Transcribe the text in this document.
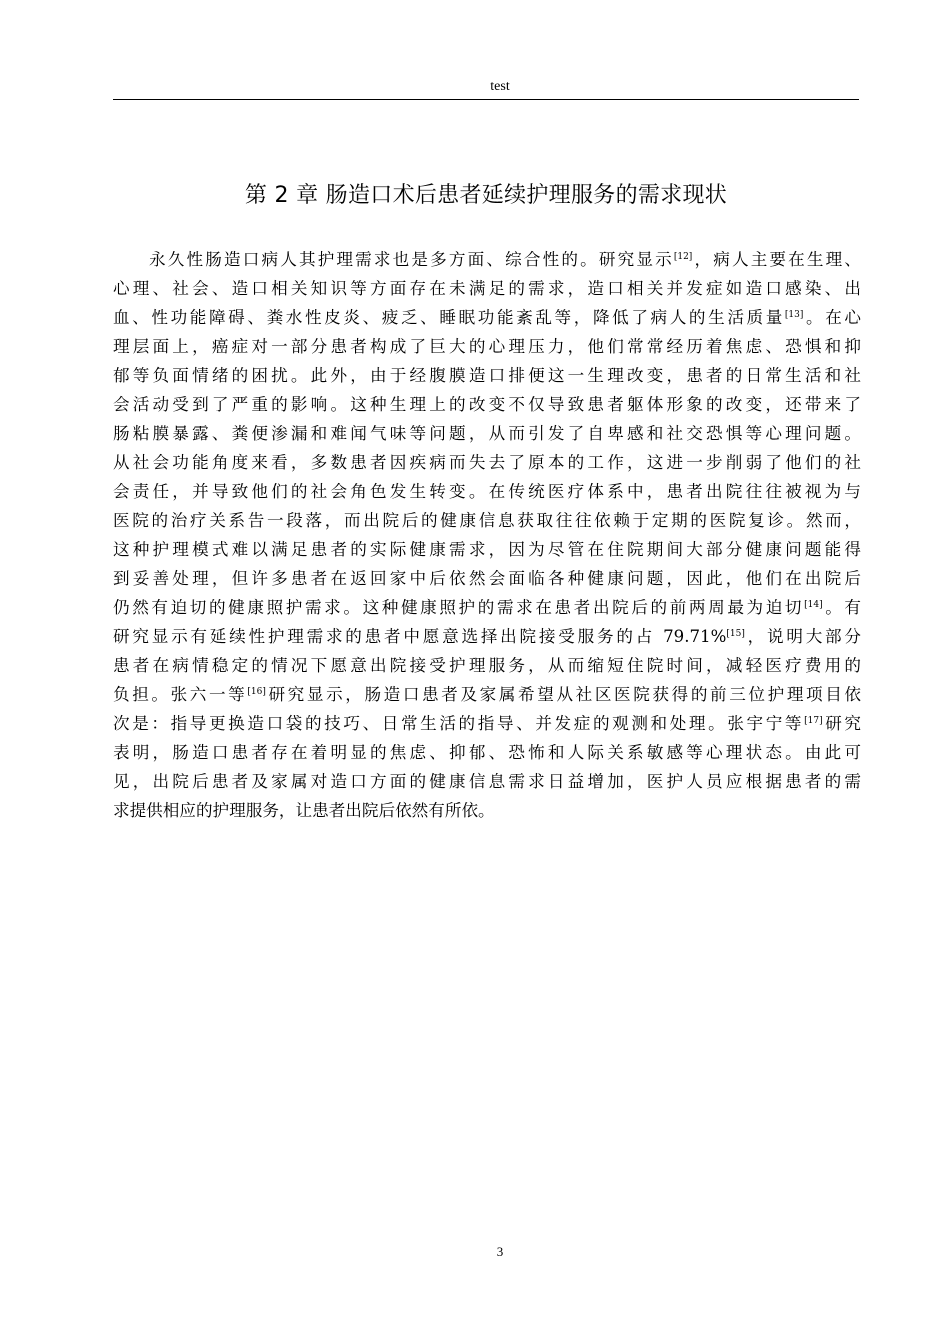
test
第 2 章 肠造口术后患者延续护理服务的需求现状
永久性肠造口病人其护理需求也是多方面、综合性的。研究显示[12]，病人主要在生理、
心理、社会、造口相关知识等方面存在未满足的需求，造口相关并发症如造口感染、出
血、性功能障碍、粪水性皮炎、疲乏、睡眠功能紊乱等，降低了病人的生活质量[13]。在心
理层面上，癌症对一部分患者构成了巨大的心理压力，他们常常经历着焦虑、恐惧和抑
郁等负面情绪的困扰。此外，由于经腹膜造口排便这一生理改变，患者的日常生活和社
会活动受到了严重的影响。这种生理上的改变不仅导致患者躯体形象的改变，还带来了
肠粘膜暴露、粪便渗漏和难闻气味等问题，从而引发了自卑感和社交恐惧等心理问题。
从社会功能角度来看，多数患者因疾病而失去了原本的工作，这进一步削弱了他们的社
会责任，并导致他们的社会角色发生转变。在传统医疗体系中，患者出院往往被视为与
医院的治疗关系告一段落，而出院后的健康信息获取往往依赖于定期的医院复诊。然而，
这种护理模式难以满足患者的实际健康需求，因为尽管在住院期间大部分健康问题能得
到妥善处理，但许多患者在返回家中后依然会面临各种健康问题，因此，他们在出院后
仍然有迫切的健康照护需求。这种健康照护的需求在患者出院后的前两周最为迫切[14]。有
研究显示有延续性护理需求的患者中愿意选择出院接受服务的占 79.71%[15]，说明大部分
患者在病情稳定的情况下愿意出院接受护理服务，从而缩短住院时间，减轻医疗费用的
负担。张六一等[16]研究显示，肠造口患者及家属希望从社区医院获得的前三位护理项目依
次是：指导更换造口袋的技巧、日常生活的指导、并发症的观测和处理。张宇宁等[17]研究
表明，肠造口患者存在着明显的焦虑、抑郁、恐怖和人际关系敏感等心理状态。由此可
见，出院后患者及家属对造口方面的健康信息需求日益增加，医护人员应根据患者的需
求提供相应的护理服务，让患者出院后依然有所依。
3
